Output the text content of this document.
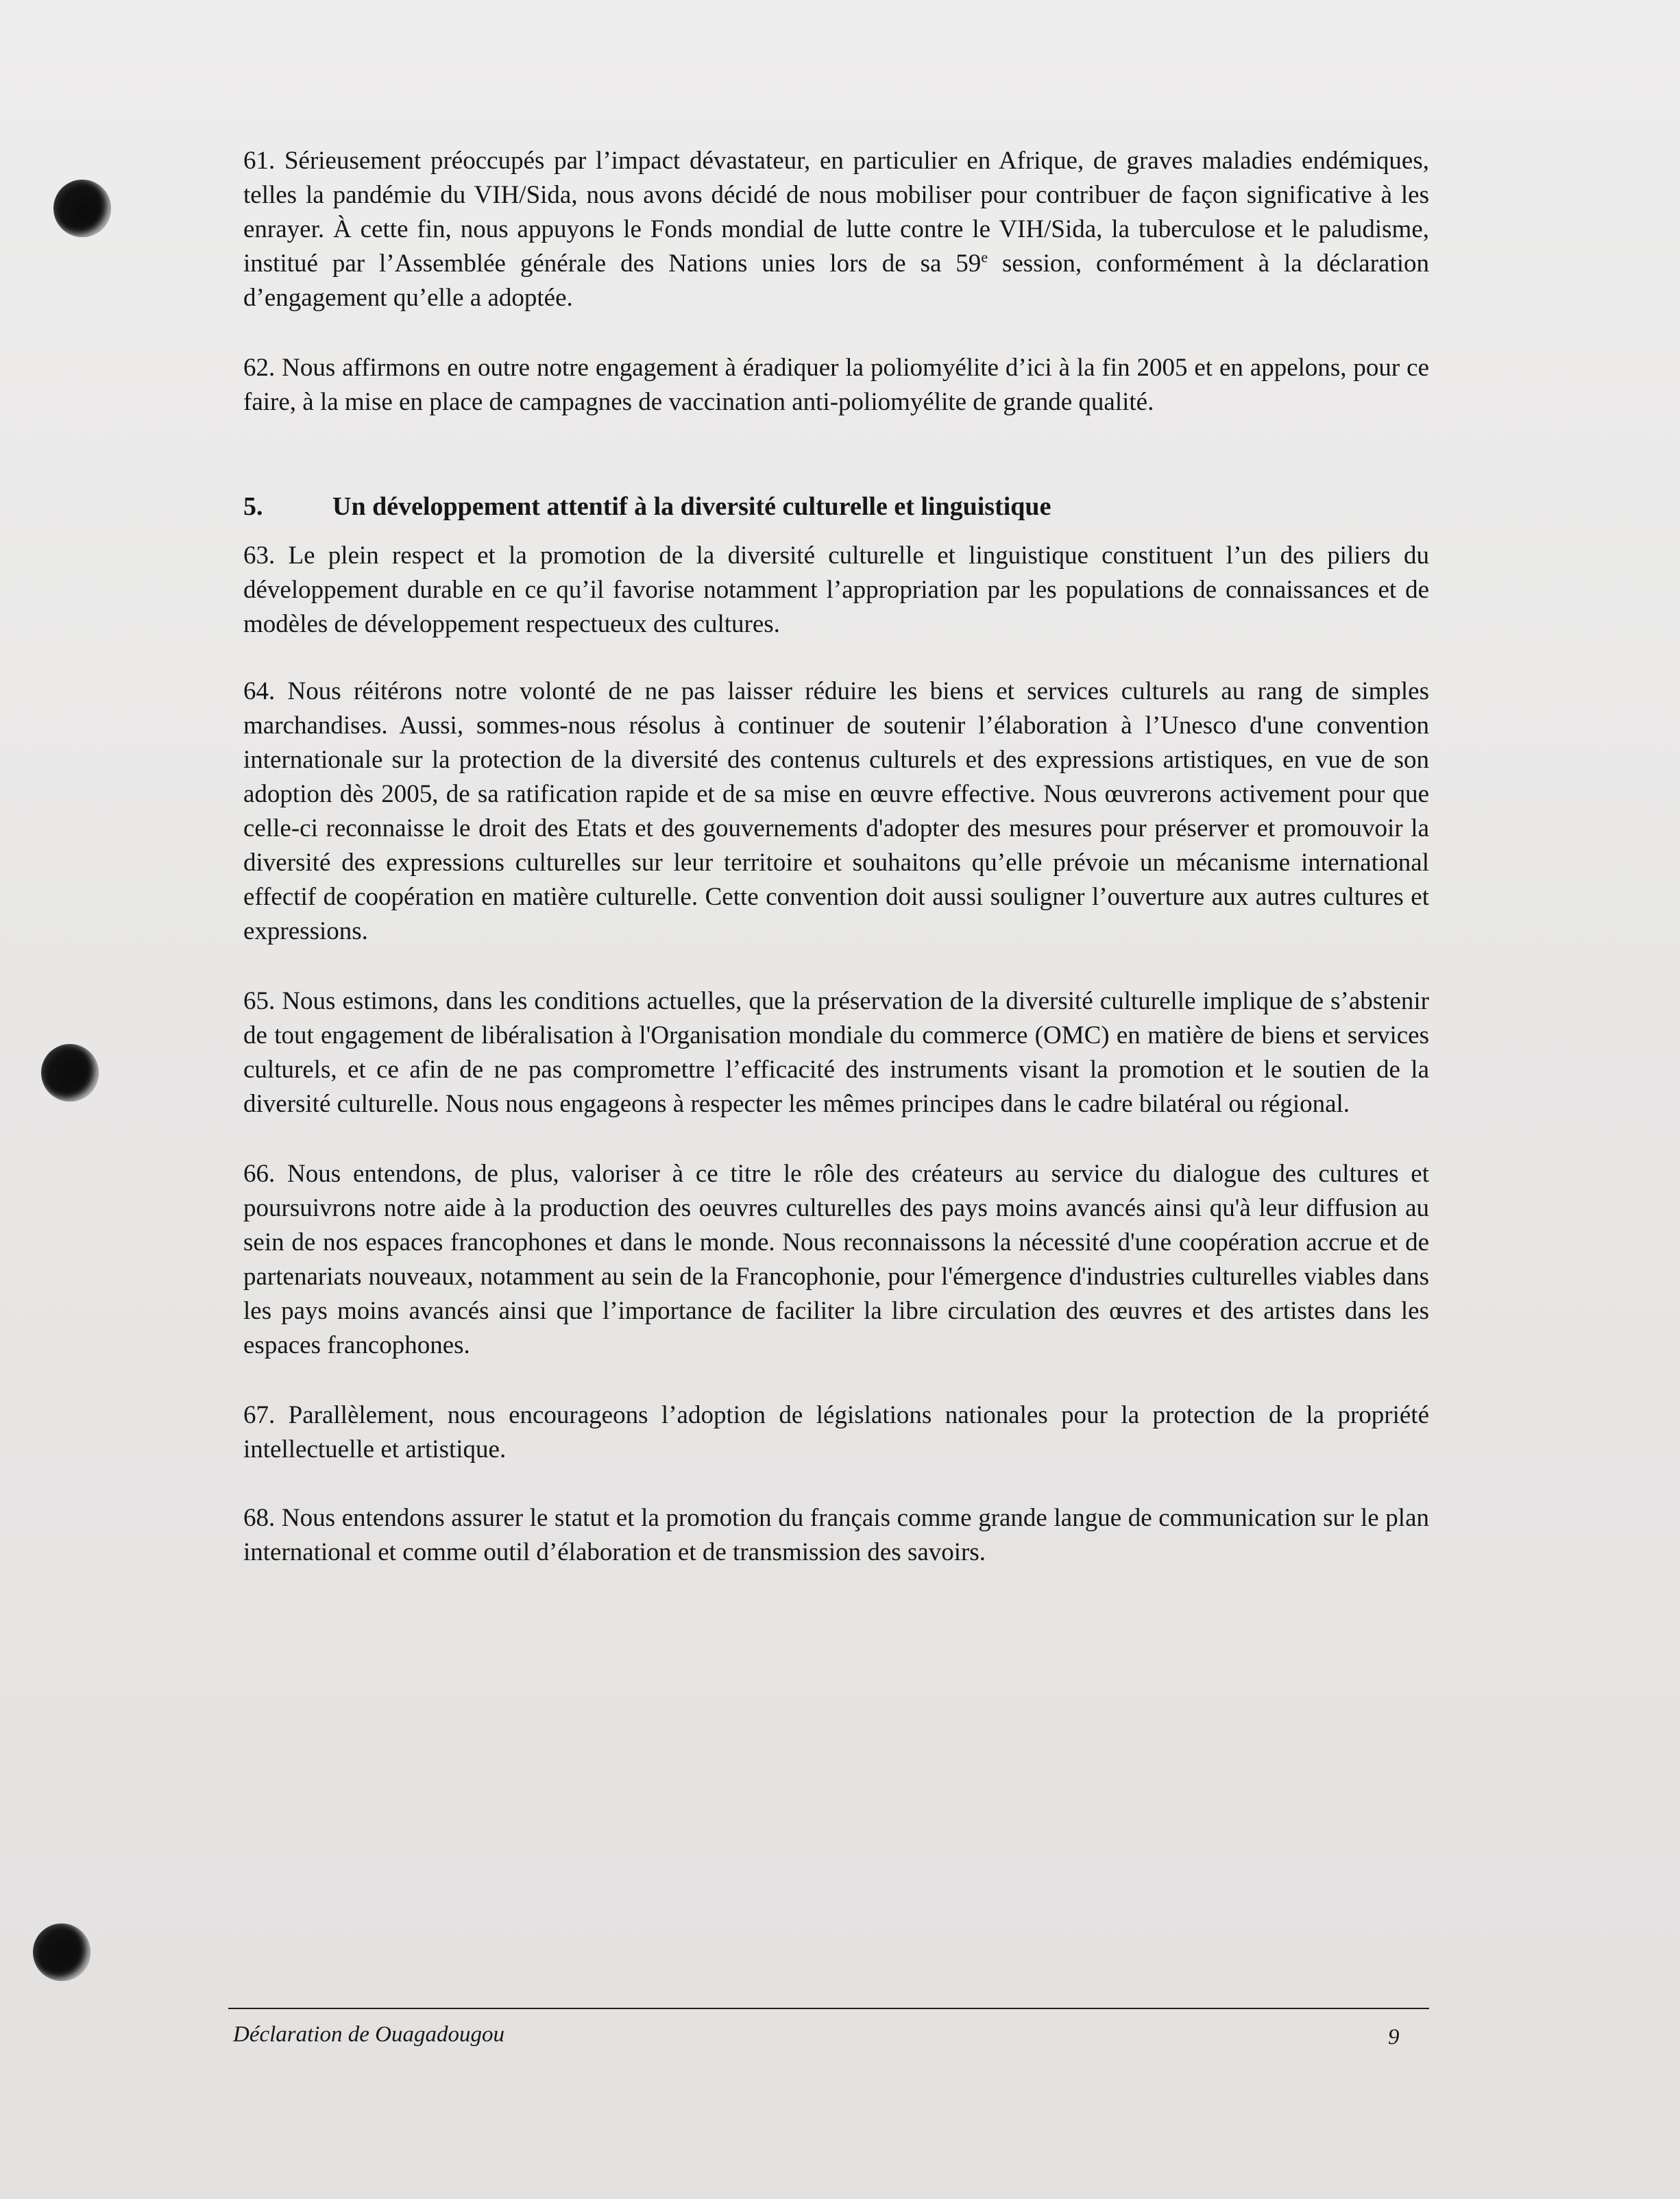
61. Sérieusement préoccupés par l’impact dévastateur, en particulier en Afrique, de graves maladies endémiques, telles la pandémie du VIH/Sida, nous avons décidé de nous mobiliser pour contribuer de façon significative à les enrayer. À cette fin, nous appuyons le Fonds mondial de lutte contre le VIH/Sida, la tuberculose et le paludisme, institué par l’Assemblée générale des Nations unies lors de sa 59e session, conformément à la déclaration d’engagement qu’elle a adoptée.

62. Nous affirmons en outre notre engagement à éradiquer la poliomyélite d’ici à la fin 2005 et en appelons, pour ce faire, à la mise en place de campagnes de vaccination anti-poliomyélite de grande qualité.

5.	Un développement attentif à la diversité culturelle et linguistique

63. Le plein respect et la promotion de la diversité culturelle et linguistique constituent l’un des piliers du développement durable en ce qu’il favorise notamment l’appropriation par les populations de connaissances et de modèles de développement respectueux des cultures.

64. Nous réitérons notre volonté de ne pas laisser réduire les biens et services culturels au rang de simples marchandises. Aussi, sommes-nous résolus à continuer de soutenir l’élaboration à l’Unesco d'une convention internationale sur la protection de la diversité des contenus culturels et des expressions artistiques, en vue de son adoption dès 2005, de sa ratification rapide et de sa mise en œuvre effective. Nous œuvrerons activement pour que celle-ci reconnaisse le droit des Etats et des gouvernements d'adopter des mesures pour préserver et promouvoir la diversité des expressions culturelles sur leur territoire et souhaitons qu’elle prévoie un mécanisme international effectif de coopération en matière culturelle. Cette convention doit aussi souligner l’ouverture aux autres cultures et expressions.

65. Nous estimons, dans les conditions actuelles, que la préservation de la diversité culturelle implique de s’abstenir de tout engagement de libéralisation à l'Organisation mondiale du commerce (OMC) en matière de biens et services culturels, et ce afin de ne pas compromettre l’efficacité des instruments visant la promotion et le soutien de la diversité culturelle. Nous nous engageons à respecter les mêmes principes dans le cadre bilatéral ou régional.

66. Nous entendons, de plus, valoriser à ce titre le rôle des créateurs au service du dialogue des cultures et poursuivrons notre aide à la production des oeuvres culturelles des pays moins avancés ainsi qu'à leur diffusion au sein de nos espaces francophones et dans le monde. Nous reconnaissons la nécessité d'une coopération accrue et de partenariats nouveaux, notamment au sein de la Francophonie, pour l'émergence d'industries culturelles viables dans les pays moins avancés ainsi que l’importance de faciliter la libre circulation des œuvres et des artistes dans les espaces francophones.

67. Parallèlement, nous encourageons l’adoption de législations nationales pour la protection de la propriété intellectuelle et artistique.

68. Nous entendons assurer le statut et la promotion du français comme grande langue de communication sur le plan international et comme outil d’élaboration et de transmission des savoirs.

Déclaration de Ouagadougou	9
